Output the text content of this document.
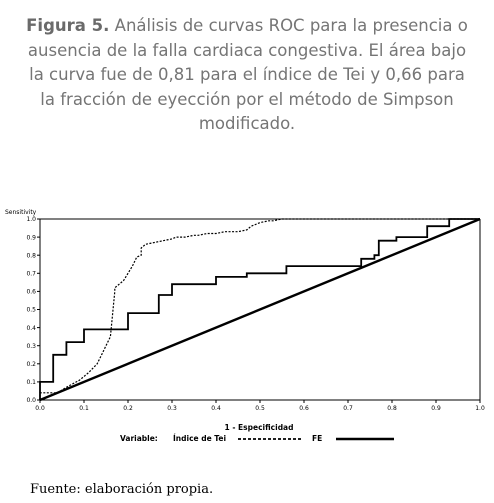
Figura 5. Análisis de curvas ROC para la presencia o ausencia de la falla cardiaca congestiva. El área bajo la curva fue de 0,81 para el índice de Tei y 0,66 para la fracción de eyección por el método de Simpson modificado.
Sensitivity
0.0
0.1
0.2
0.3
0.4
0.5
0.6
0.7
0.8
0.9
1.0
0.0	0.1	0.2	0.3	0.4	0.5	0.6	0.7	0.8	0.9	1.0
1 - Especificidad
Variable: Índice de Tei	FE
Fuente: elaboración propia.
